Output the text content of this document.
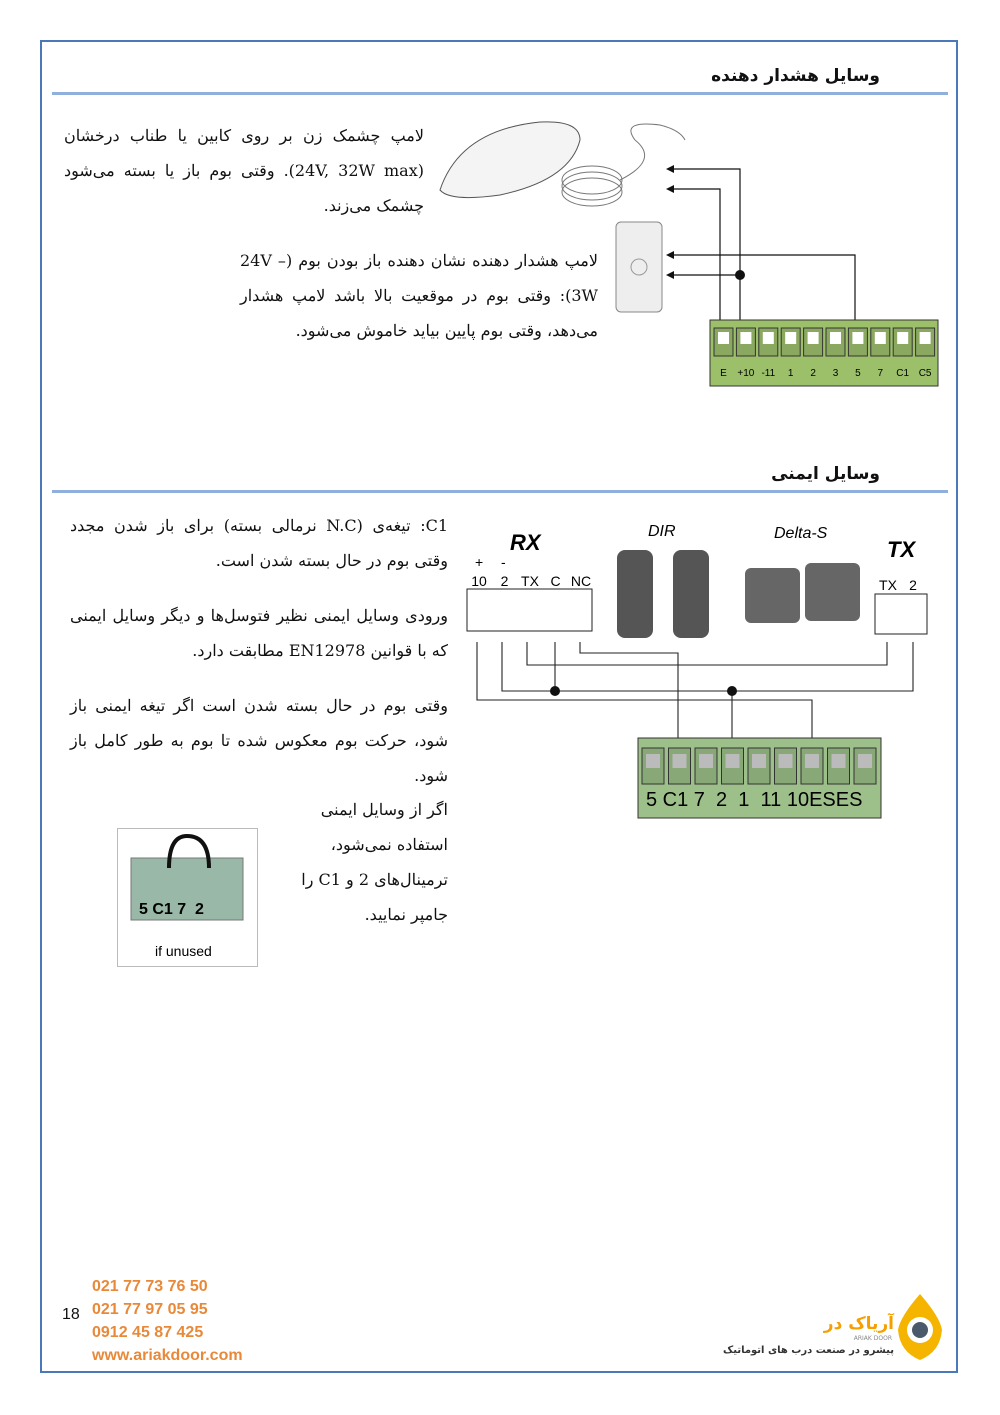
وسایل هشدار دهنده
لامپ چشمک زن بر روی کابین یا طناب درخشان (24V, 32W max). وقتی بوم باز یا بسته می‌شود چشمک می‌زند.
لامپ هشدار دهنده نشان دهنده باز بودن بوم (24V –3W): وقتی بوم در موقعیت بالا باشد لامپ هشدار می‌دهد، وقتی بوم پایین بیاید خاموش می‌شود.
E +10 -11 1 2 3 5 7 C1 C5
وسایل ایمنی
C1: تیغه‌ی (N.C نرمالی بسته) برای باز شدن مجدد وقتی بوم در حال بسته شدن است.
ورودی وسایل ایمنی نظیر فتوسل‌ها و دیگر وسایل ایمنی که با قوانین EN12978 مطابقت دارد.
وقتی بوم در حال بسته شدن است اگر تیغه ایمنی باز شود، حرکت بوم معکوس شده تا بوم به طور کامل باز شود.
اگر از وسایل ایمنی استفاده نمی‌شود، ترمینال‌های 2 و C1 را جامپر نمایید.
RX	DIR	Delta-S
TX
+ -
10 2 TX C NC	TX 2
5 C1 7  2  1  11 10ESES
5 C1 7  2
if unused
18
021 77 73 76 50
021 77 97 05 95
0912 45 87 425
www.ariakdoor.com
آریاک در
ARIAK DOOR
پیشرو در صنعت درب های اتوماتیک
